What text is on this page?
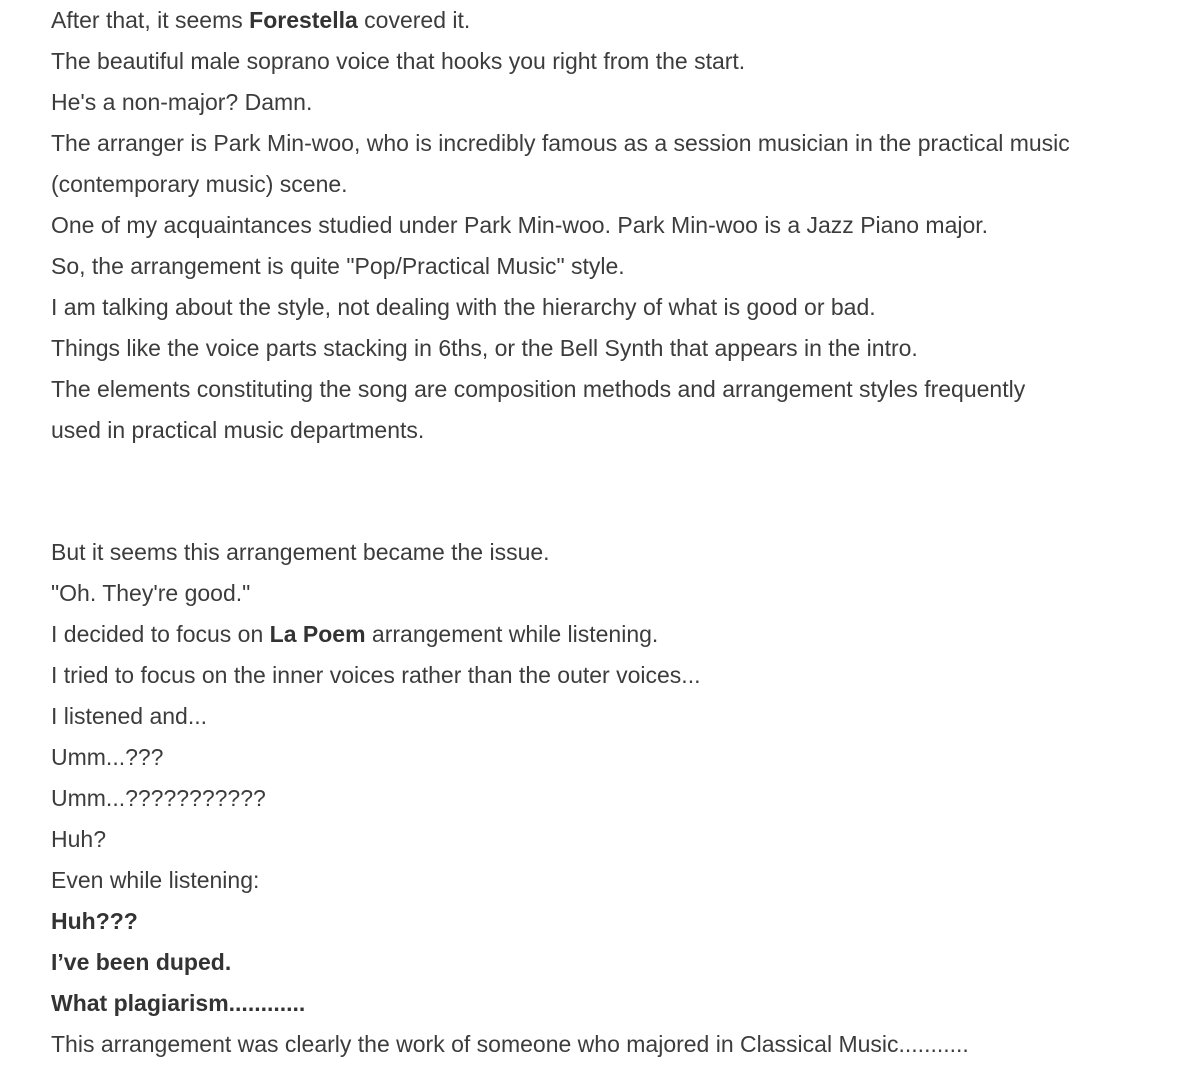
After that, it seems Forestella covered it.
The beautiful male soprano voice that hooks you right from the start.
He's a non-major? Damn.
The arranger is Park Min-woo, who is incredibly famous as a session musician in the practical music
(contemporary music) scene.
One of my acquaintances studied under Park Min-woo. Park Min-woo is a Jazz Piano major.
So, the arrangement is quite "Pop/Practical Music" style.
I am talking about the style, not dealing with the hierarchy of what is good or bad.
Things like the voice parts stacking in 6ths, or the Bell Synth that appears in the intro.
The elements constituting the song are composition methods and arrangement styles frequently
used in practical music departments.
But it seems this arrangement became the issue.
"Oh. They're good."
I decided to focus on La Poem arrangement while listening.
I tried to focus on the inner voices rather than the outer voices...
I listened and...
Umm...???
Umm...???????????
Huh?
Even while listening:
Huh???
I’ve been duped.
What plagiarism............
This arrangement was clearly the work of someone who majored in Classical Music...........
